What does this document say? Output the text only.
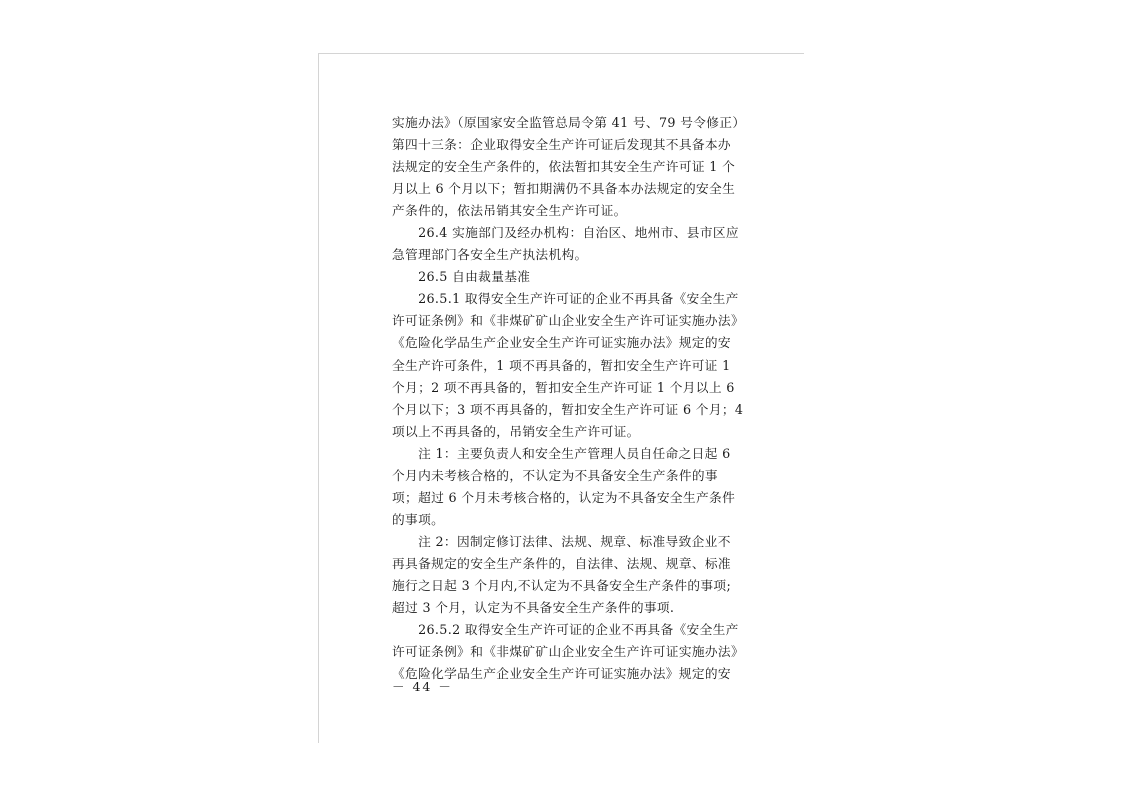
实施办法》（原国家安全监管总局令第 41 号、79 号令修正）
第四十三条：企业取得安全生产许可证后发现其不具备本办
法规定的安全生产条件的，依法暂扣其安全生产许可证 1 个
月以上 6 个月以下；暂扣期满仍不具备本办法规定的安全生
产条件的，依法吊销其安全生产许可证。
　　26.4 实施部门及经办机构：自治区、地州市、县市区应
急管理部门各安全生产执法机构。
　　26.5 自由裁量基准
　　26.5.1 取得安全生产许可证的企业不再具备《安全生产
许可证条例》和《非煤矿矿山企业安全生产许可证实施办法》
《危险化学品生产企业安全生产许可证实施办法》规定的安
全生产许可条件，1 项不再具备的，暂扣安全生产许可证 1
个月；2 项不再具备的，暂扣安全生产许可证 1 个月以上 6
个月以下；3 项不再具备的，暂扣安全生产许可证 6 个月；4
项以上不再具备的，吊销安全生产许可证。
　　注 1：主要负责人和安全生产管理人员自任命之日起 6
个月内未考核合格的，不认定为不具备安全生产条件的事
项；超过 6 个月未考核合格的，认定为不具备安全生产条件
的事项。
　　注 2：因制定修订法律、法规、规章、标准导致企业不
再具备规定的安全生产条件的，自法律、法规、规章、标准
施行之日起 3 个月内,不认定为不具备安全生产条件的事项;
超过 3 个月，认定为不具备安全生产条件的事项.
　　26.5.2 取得安全生产许可证的企业不再具备《安全生产
许可证条例》和《非煤矿矿山企业安全生产许可证实施办法》
《危险化学品生产企业安全生产许可证实施办法》规定的安
－ 44 －
